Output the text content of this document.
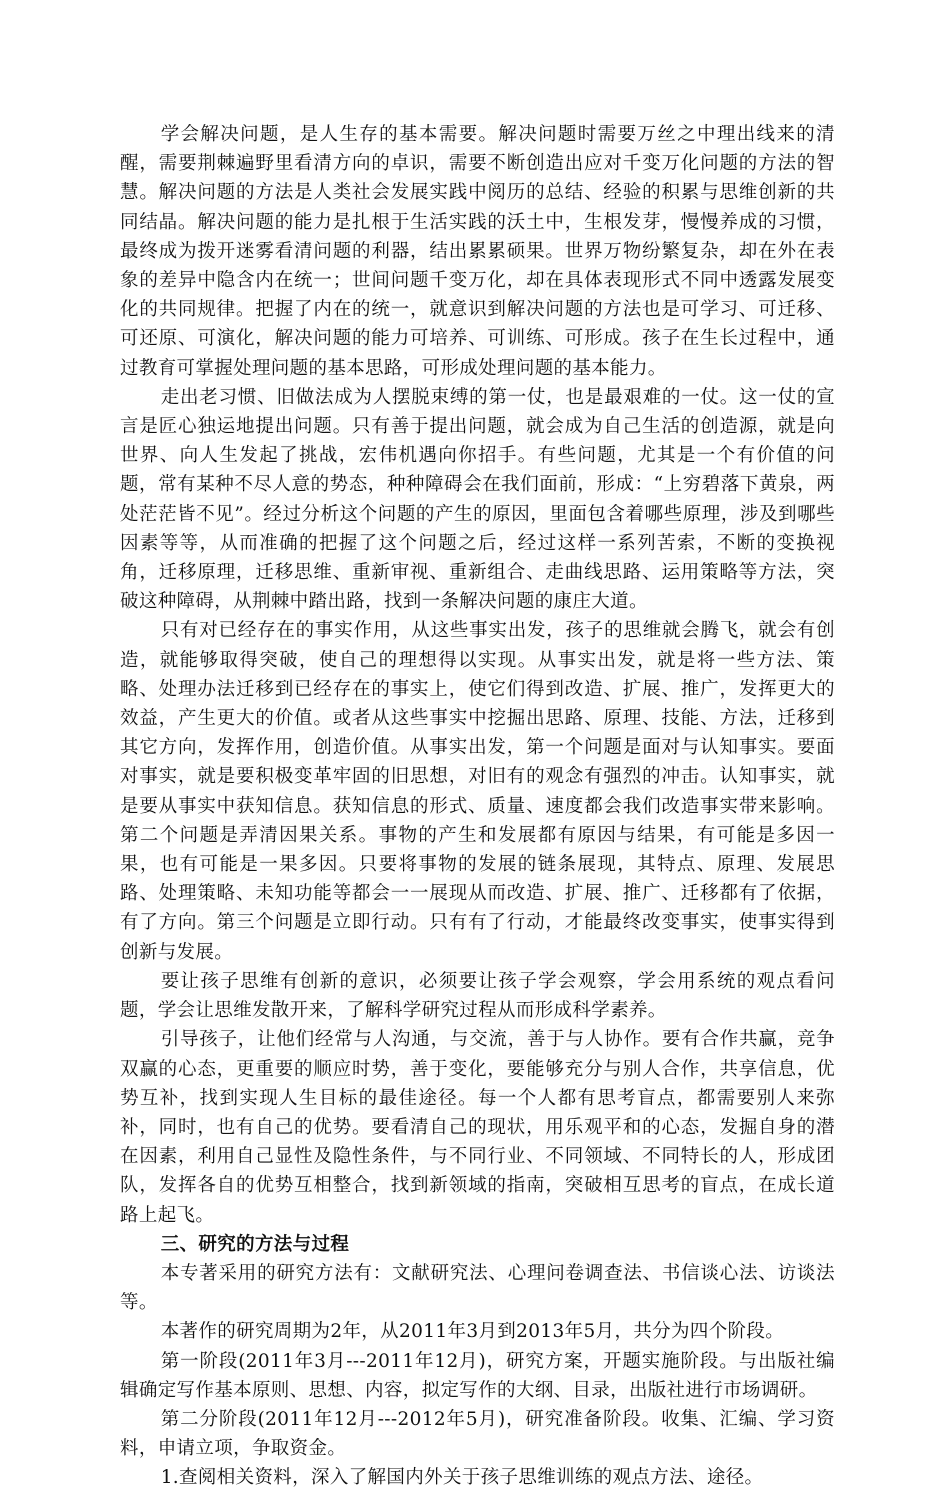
学会解决问题，是人生存的基本需要。解决问题时需要万丝之中理出线来的清醒，需要荆棘遍野里看清方向的卓识，需要不断创造出应对千变万化问题的方法的智慧。解决问题的方法是人类社会发展实践中阅历的总结、经验的积累与思维创新的共同结晶。解决问题的能力是扎根于生活实践的沃土中，生根发芽，慢慢养成的习惯，最终成为拨开迷雾看清问题的利器，结出累累硕果。世界万物纷繁复杂，却在外在表象的差异中隐含内在统一；世间问题千变万化，却在具体表现形式不同中透露发展变化的共同规律。把握了内在的统一，就意识到解决问题的方法也是可学习、可迁移、可还原、可演化，解决问题的能力可培养、可训练、可形成。孩子在生长过程中，通过教育可掌握处理问题的基本思路，可形成处理问题的基本能力。

走出老习惯、旧做法成为人摆脱束缚的第一仗，也是最艰难的一仗。这一仗的宣言是匠心独运地提出问题。只有善于提出问题，就会成为自己生活的创造源，就是向世界、向人生发起了挑战，宏伟机遇向你招手。有些问题，尤其是一个有价值的问题，常有某种不尽人意的势态，种种障碍会在我们面前，形成：“上穷碧落下黄泉，两处茫茫皆不见”。经过分析这个问题的产生的原因，里面包含着哪些原理，涉及到哪些因素等等，从而准确的把握了这个问题之后，经过这样一系列苦索，不断的变换视角，迁移原理，迁移思维、重新审视、重新组合、走曲线思路、运用策略等方法，突破这种障碍，从荆棘中踏出路，找到一条解决问题的康庄大道。

只有对已经存在的事实作用，从这些事实出发，孩子的思维就会腾飞，就会有创造，就能够取得突破，使自己的理想得以实现。从事实出发，就是将一些方法、策略、处理办法迁移到已经存在的事实上，使它们得到改造、扩展、推广，发挥更大的效益，产生更大的价值。或者从这些事实中挖掘出思路、原理、技能、方法，迁移到其它方向，发挥作用，创造价值。从事实出发，第一个问题是面对与认知事实。要面对事实，就是要积极变革牢固的旧思想，对旧有的观念有强烈的冲击。认知事实，就是要从事实中获知信息。获知信息的形式、质量、速度都会我们改造事实带来影响。第二个问题是弄清因果关系。事物的产生和发展都有原因与结果，有可能是多因一果，也有可能是一果多因。只要将事物的发展的链条展现，其特点、原理、发展思路、处理策略、未知功能等都会一一展现从而改造、扩展、推广、迁移都有了依据，有了方向。第三个问题是立即行动。只有有了行动，才能最终改变事实，使事实得到创新与发展。

要让孩子思维有创新的意识，必须要让孩子学会观察，学会用系统的观点看问题，学会让思维发散开来，了解科学研究过程从而形成科学素养。

引导孩子，让他们经常与人沟通，与交流，善于与人协作。要有合作共赢，竞争双赢的心态，更重要的顺应时势，善于变化，要能够充分与别人合作，共享信息，优势互补，找到实现人生目标的最佳途径。每一个人都有思考盲点，都需要别人来弥补，同时，也有自己的优势。要看清自己的现状，用乐观平和的心态，发掘自身的潜在因素，利用自己显性及隐性条件，与不同行业、不同领域、不同特长的人，形成团队，发挥各自的优势互相整合，找到新领域的指南，突破相互思考的盲点，在成长道路上起飞。

三、研究的方法与过程

本专著采用的研究方法有：文献研究法、心理问卷调查法、书信谈心法、访谈法等。

本著作的研究周期为2年，从2011年3月到2013年5月，共分为四个阶段。

第一阶段(2011年3月---2011年12月)，研究方案，开题实施阶段。与出版社编辑确定写作基本原则、思想、内容，拟定写作的大纲、目录，出版社进行市场调研。

第二分阶段(2011年12月---2012年5月)，研究准备阶段。收集、汇编、学习资料，申请立项，争取资金。

1.查阅相关资料，深入了解国内外关于孩子思维训练的观点方法、途径。
